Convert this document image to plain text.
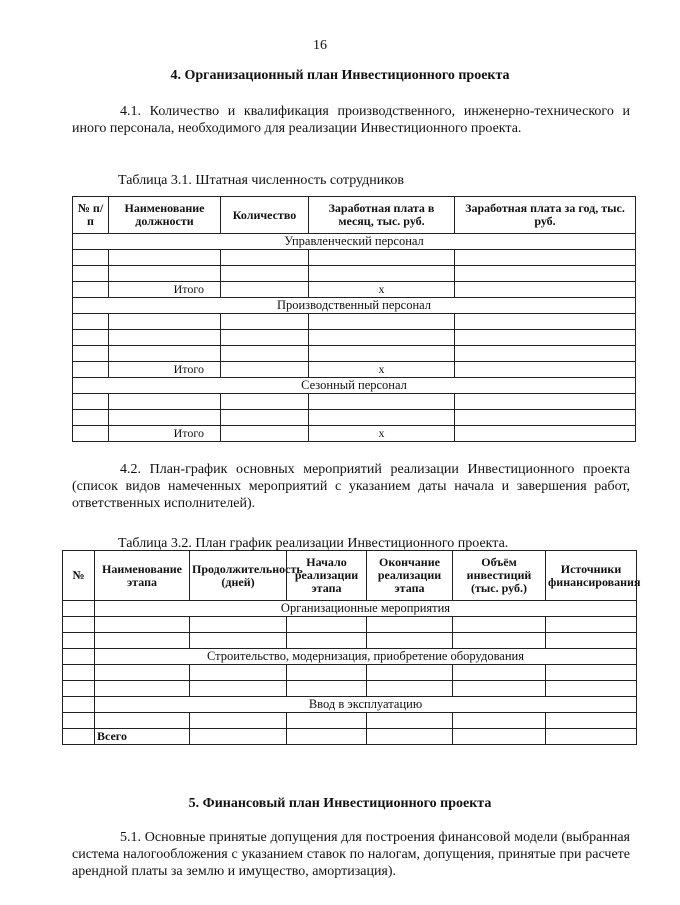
16
4. Организационный план Инвестиционного проекта
4.1. Количество и квалификация производственного, инженерно-технического и иного персонала, необходимого для реализации Инвестиционного проекта.
Таблица 3.1. Штатная численность сотрудников
№ п/п	Наименование должности	Количество	Заработная плата в месяц, тыс. руб.	Заработная плата за год, тыс. руб.
Управленческий персонал				

	Итого		х	
Производственный персонал				

	Итого		х	
Сезонный персонал				

	Итого		х	
4.2. План-график основных мероприятий реализации Инвестиционного проекта (список видов намеченных мероприятий с указанием даты начала и завершения работ, ответственных исполнителей).
Таблица 3.2. План график реализации Инвестиционного проекта.
№	Наименование этапа	Продолжительность (дней)	Начало реализации этапа	Окончание реализации этапа	Объём инвестиций (тыс. руб.)	Источники финансирования
	Организационные мероприятия					

	Строительство, модернизация, приобретение оборудования					

	Ввод в эксплуатацию					

	Всего					
5. Финансовый план Инвестиционного проекта
5.1. Основные принятые допущения для построения финансовой модели (выбранная система налогообложения с указанием ставок по налогам, допущения, принятые при расчете арендной платы за землю и имущество, амортизация).
